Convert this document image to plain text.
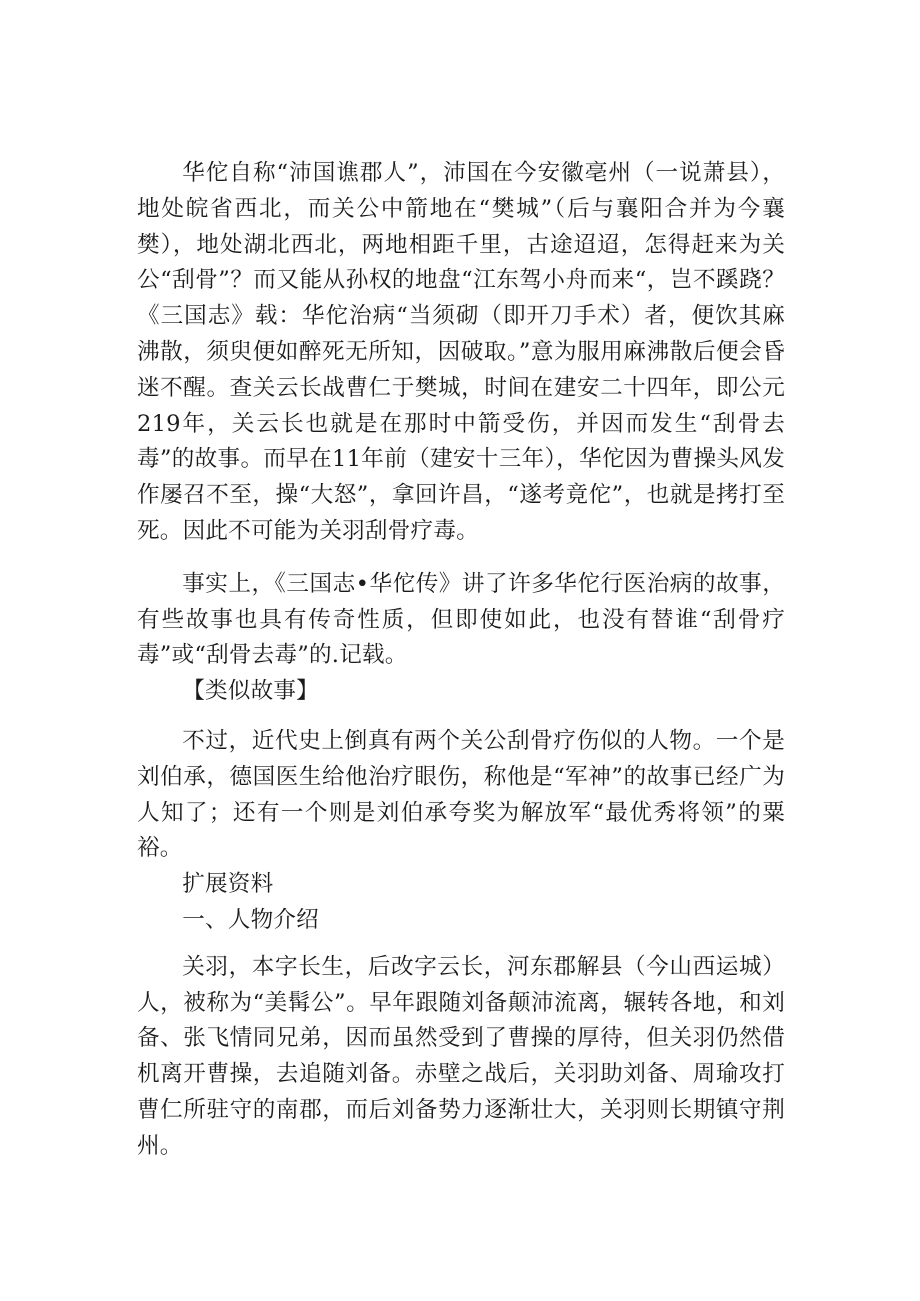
华佗自称“沛国谯郡人”，沛国在今安徽亳州（一说萧县），地处皖省西北，而关公中箭地在“樊城”（后与襄阳合并为今襄樊），地处湖北西北，两地相距千里，古途迢迢，怎得赶来为关公“刮骨”？而又能从孙权的地盘“江东驾小舟而来“，岂不蹊跷？《三国志》载：华佗治病“当须砌（即开刀手术）者，便饮其麻沸散，须臾便如醉死无所知，因破取。”意为服用麻沸散后便会昏迷不醒。查关云长战曹仁于樊城，时间在建安二十四年，即公元219年，关云长也就是在那时中箭受伤，并因而发生“刮骨去毒”的故事。而早在11年前（建安十三年），华佗因为曹操头风发作屡召不至，操“大怒”，拿回许昌，“遂考竟佗”，也就是拷打至死。因此不可能为关羽刮骨疗毒。

事实上，《三国志•华佗传》讲了许多华佗行医治病的故事，有些故事也具有传奇性质，但即使如此，也没有替谁“刮骨疗毒”或“刮骨去毒”的.记载。

【类似故事】

不过，近代史上倒真有两个关公刮骨疗伤似的人物。一个是刘伯承，德国医生给他治疗眼伤，称他是“军神”的故事已经广为人知了；还有一个则是刘伯承夸奖为解放军“最优秀将领”的粟裕。

扩展资料

一、人物介绍

关羽，本字长生，后改字云长，河东郡解县（今山西运城）人，被称为“美髯公”。早年跟随刘备颠沛流离，辗转各地，和刘备、张飞情同兄弟，因而虽然受到了曹操的厚待，但关羽仍然借机离开曹操，去追随刘备。赤壁之战后，关羽助刘备、周瑜攻打曹仁所驻守的南郡，而后刘备势力逐渐壮大，关羽则长期镇守荆州。
